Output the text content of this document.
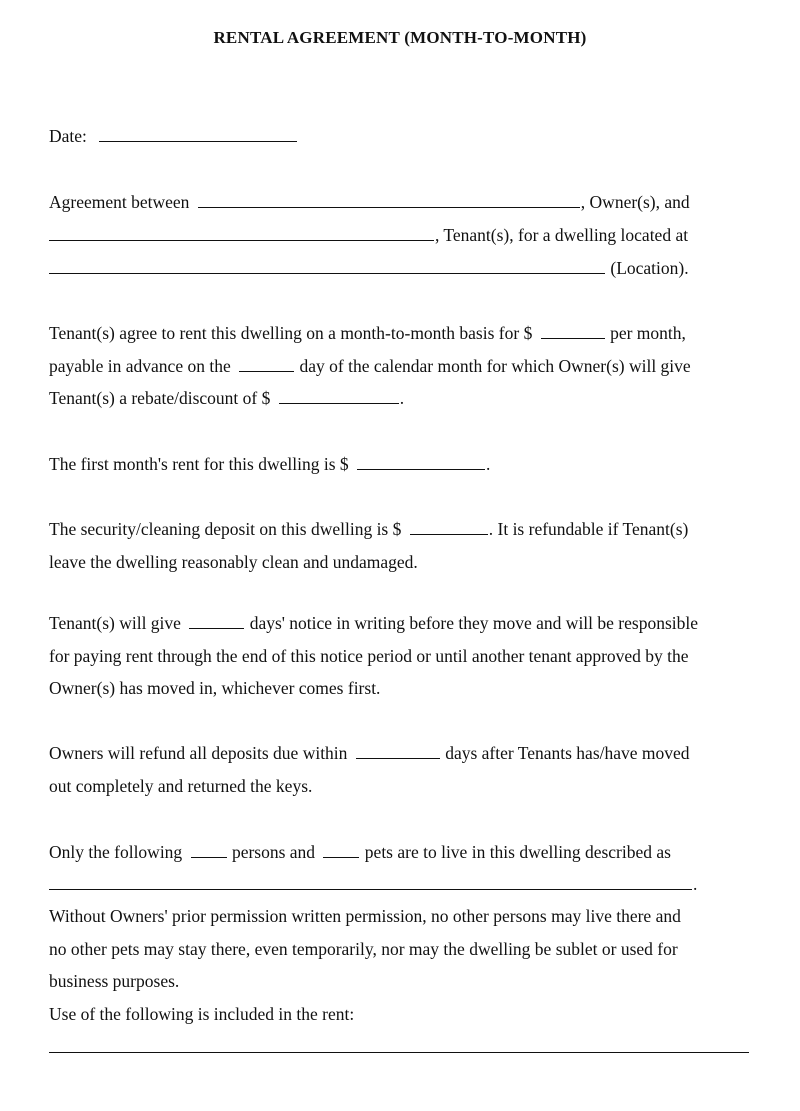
RENTAL AGREEMENT (MONTH-TO-MONTH)
Date:
Agreement between	, Owner(s), and
, Tenant(s), for a dwelling located at
(Location).
Tenant(s) agree to rent this dwelling on a month-to-month basis for $	per month,
payable in advance on the	day of the calendar month for which Owner(s) will give
Tenant(s) a rebate/discount of $	.
The first month's rent for this dwelling is $	.
The security/cleaning deposit on this dwelling is $	. It is refundable if Tenant(s)
leave the dwelling reasonably clean and undamaged.
Tenant(s) will give	days' notice in writing before they move and will be responsible
for paying rent through the end of this notice period or until another tenant approved by the
Owner(s) has moved in, whichever comes first.
Owners will refund all deposits due within	days after Tenants has/have moved
out completely and returned the keys.
Only the following	persons and	pets are to live in this dwelling described as
.
Without Owners' prior permission written permission, no other persons may live there and
no other pets may stay there, even temporarily, nor may the dwelling be sublet or used for
business purposes.
Use of the following is included in the rent:
